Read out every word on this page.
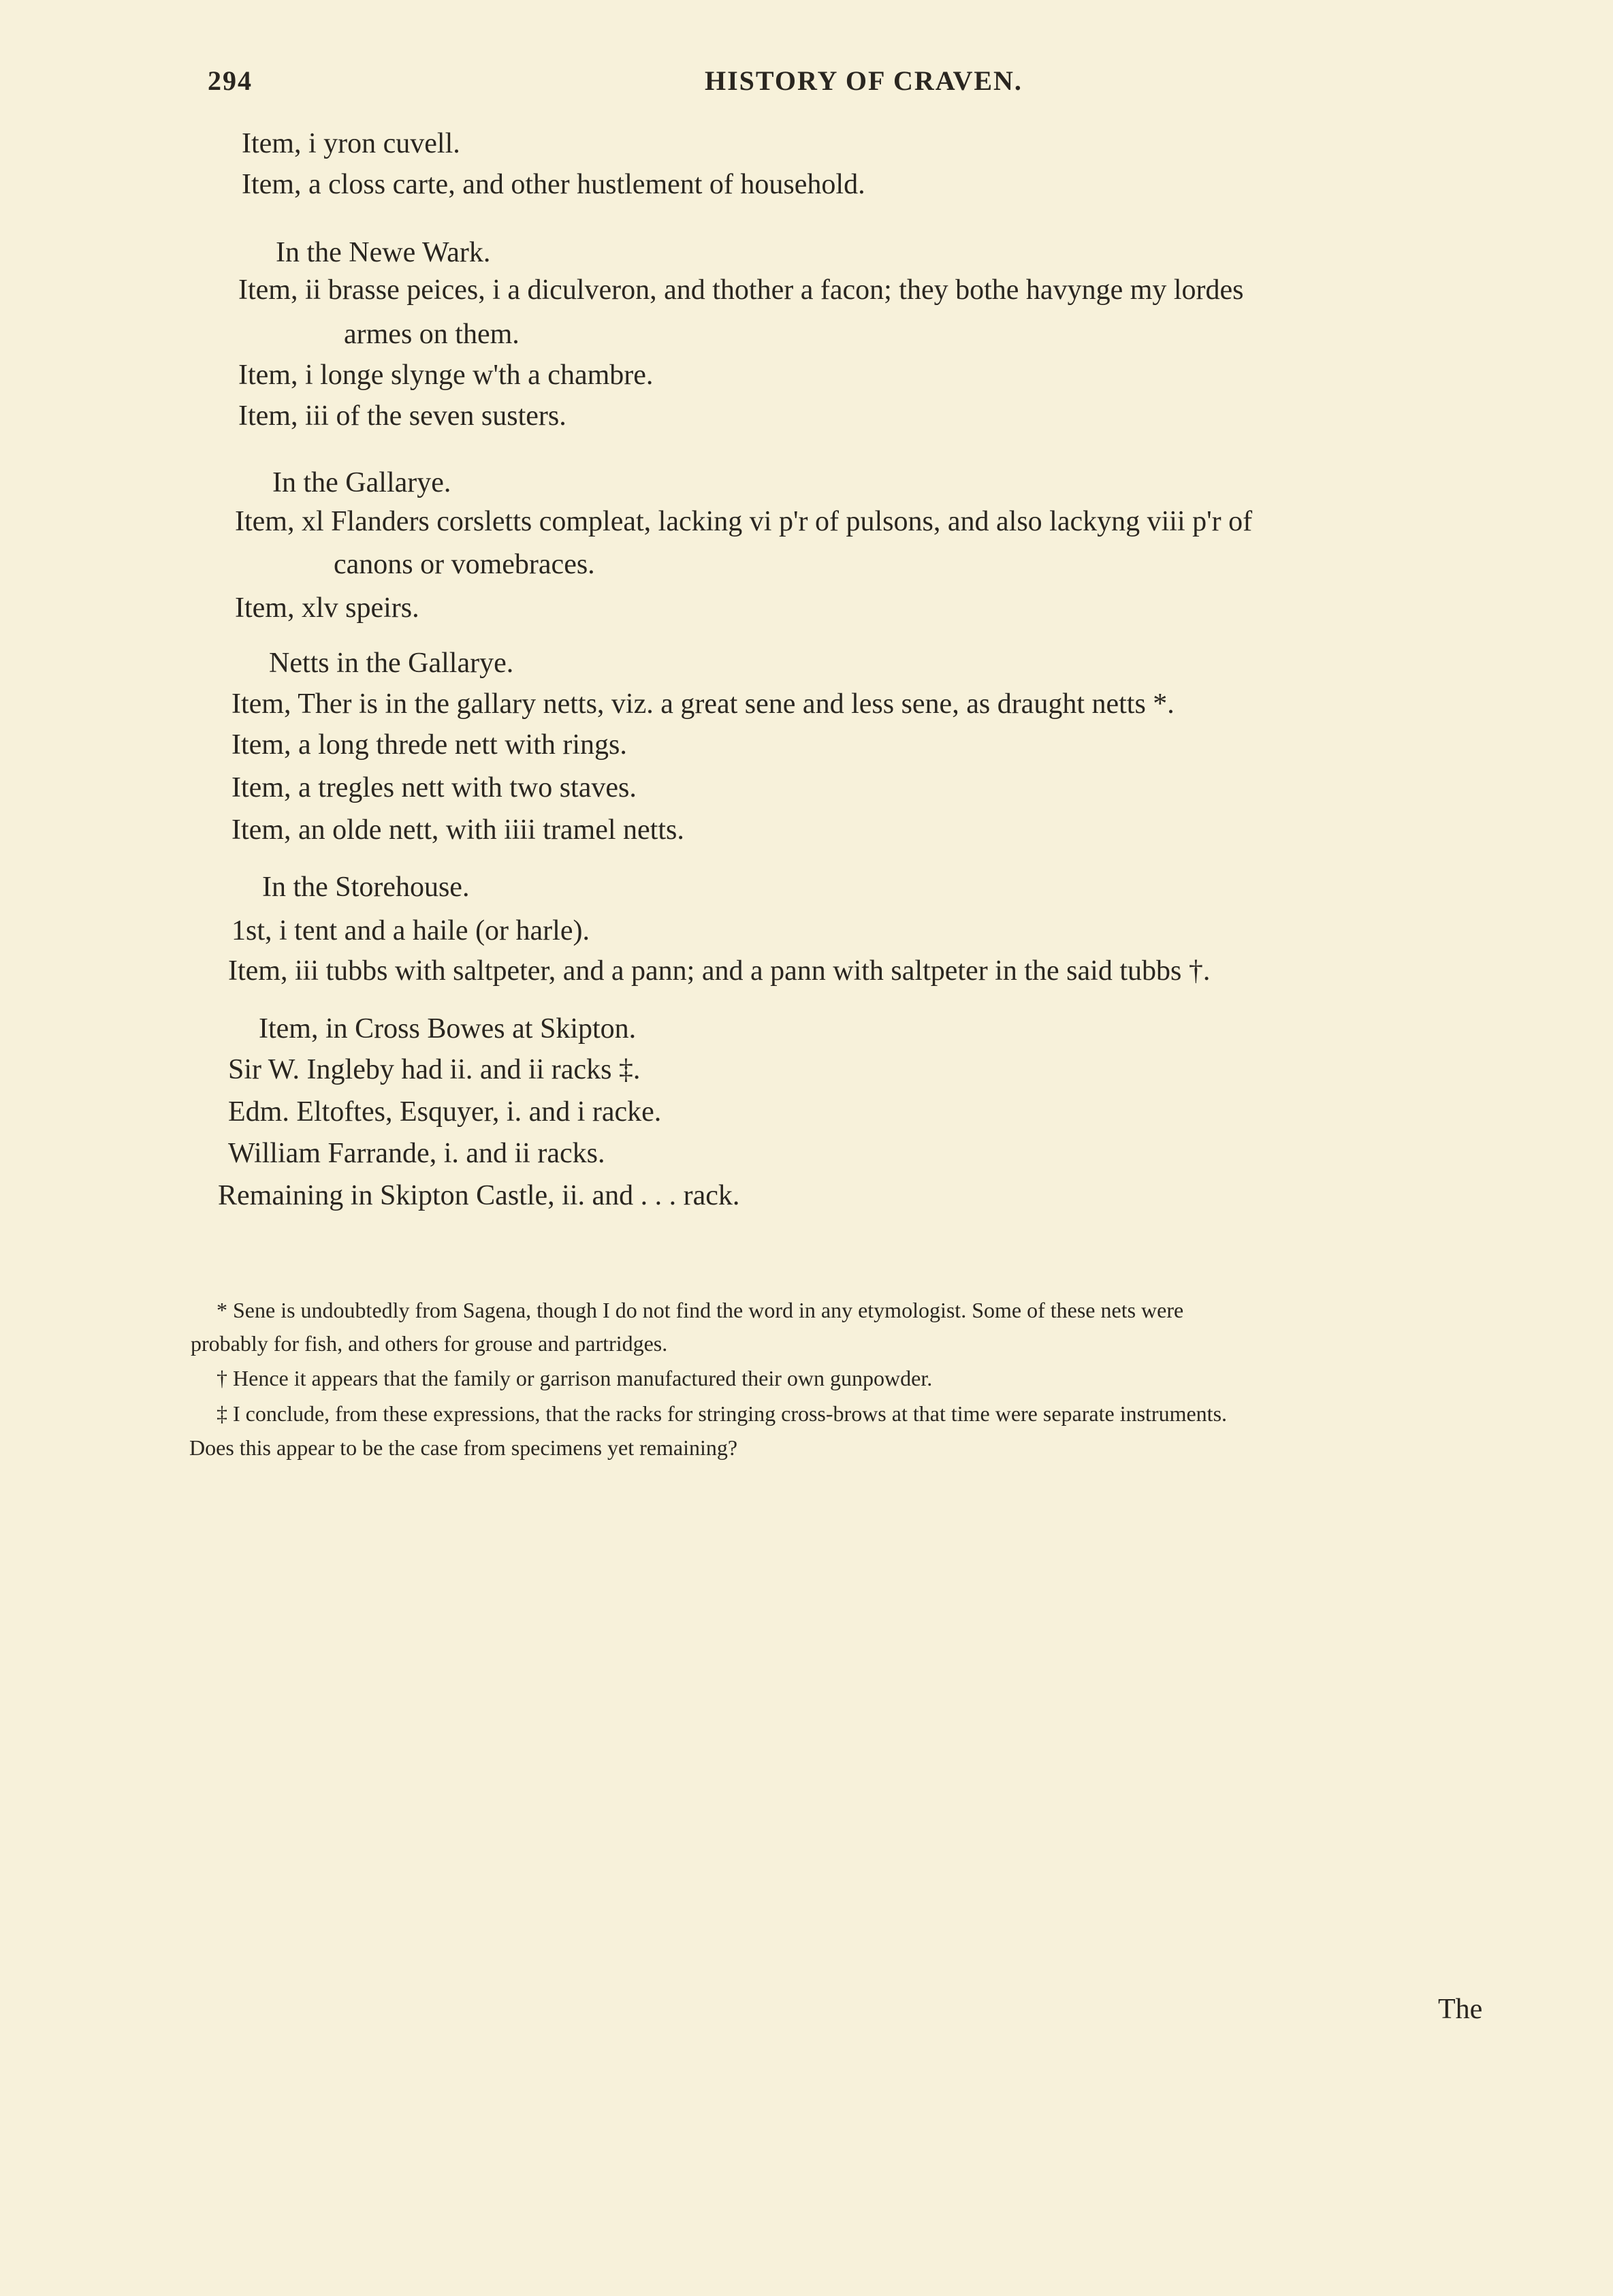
294	HISTORY OF CRAVEN.
Item, i yron cuvell.
Item, a closs carte, and other hustlement of household.
In the Newe Wark.
Item, ii brasse peices, i a diculveron, and thother a facon; they bothe havynge my lordes
armes on them.
Item, i longe slynge w'th a chambre.
Item, iii of the seven susters.
In the Gallarye.
Item, xl Flanders corsletts compleat, lacking vi p'r of pulsons, and also lackyng viii p'r of
canons or vomebraces.
Item, xlv speirs.
Netts in the Gallarye.
Item, Ther is in the gallary netts, viz. a great sene and less sene, as draught netts *.
Item, a long threde nett with rings.
Item, a tregles nett with two staves.
Item, an olde nett, with iiii tramel netts.
In the Storehouse.
1st, i tent and a haile (or harle).
Item, iii tubbs with saltpeter, and a pann; and a pann with saltpeter in the said tubbs †.
Item, in Cross Bowes at Skipton.
Sir W. Ingleby had ii. and ii racks ‡.
Edm. Eltoftes, Esquyer, i. and i racke.
William Farrande, i. and ii racks.
Remaining in Skipton Castle, ii. and . . . rack.
* Sene is undoubtedly from Sagena, though I do not find the word in any etymologist. Some of these nets were
probably for fish, and others for grouse and partridges.
† Hence it appears that the family or garrison manufactured their own gunpowder.
‡ I conclude, from these expressions, that the racks for stringing cross-brows at that time were separate instruments.
Does this appear to be the case from specimens yet remaining?
The
